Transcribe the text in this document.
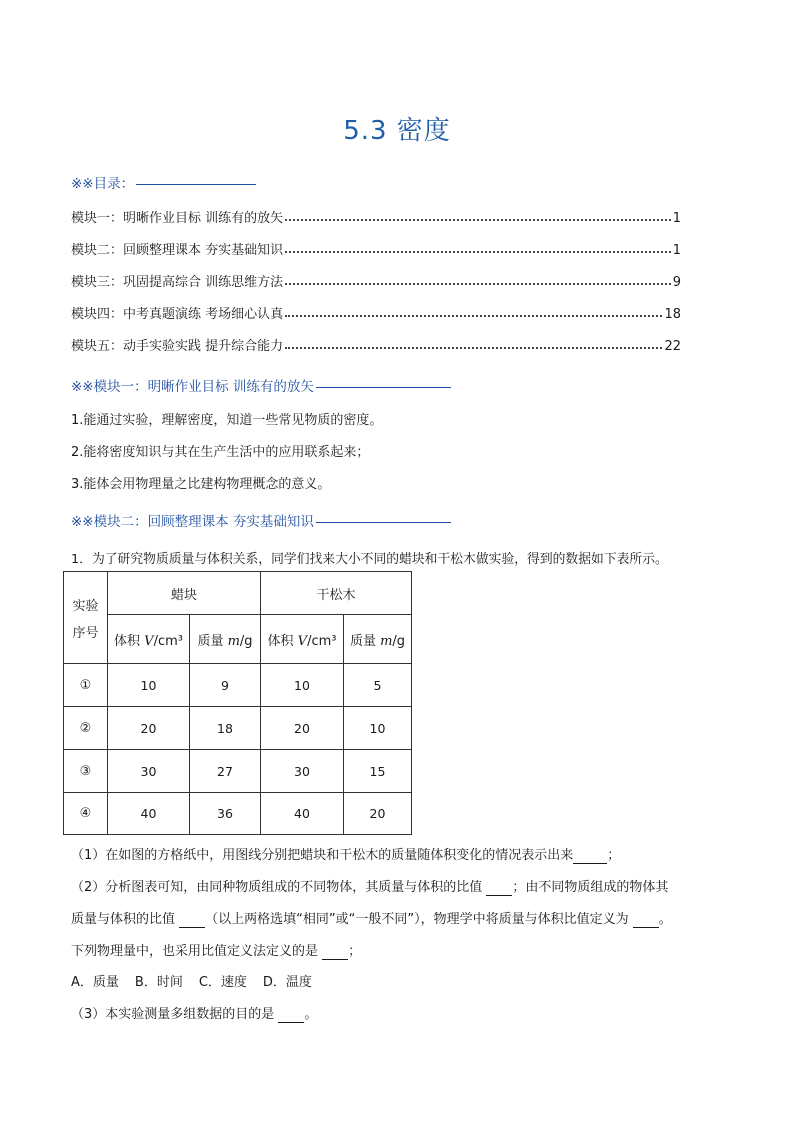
5.3 密度
※※目录：
模块一：明晰作业目标 训练有的放矢	1
模块二：回顾整理课本 夯实基础知识	1
模块三：巩固提高综合 训练思维方法	9
模块四：中考真题演练 考场细心认真	18
模块五：动手实验实践 提升综合能力	22
※※模块一：明晰作业目标 训练有的放矢
1.能通过实验，理解密度，知道一些常见物质的密度。
2.能将密度知识与其在生产生活中的应用联系起来；
3.能体会用物理量之比建构物理概念的意义。
※※模块二：回顾整理课本 夯实基础知识
1．为了研究物质质量与体积关系，同学们找来大小不同的蜡块和干松木做实验，得到的数据如下表所示。
实验
序号	蜡块		干松木	
	体积 V/cm³	质量 m/g	体积 V/cm³	质量 m/g
①	10	9	10	5
②	20	18	20	10
③	30	27	30	15
④	40	36	40	20
（1）在如图的方格纸中，用图线分别把蜡块和干松木的质量随体积变化的情况表示出来	；
（2）分析图表可知，由同种物质组成的不同物体，其质量与体积的比值  ；由不同物质组成的物体其
质量与体积的比值  （以上两格选填“相同”或“一般不同”），物理学中将质量与体积比值定义为  。
下列物理量中，也采用比值定义法定义的是  ；
A．质量 B．时间 C．速度 D．温度
（3）本实验测量多组数据的目的是  。
